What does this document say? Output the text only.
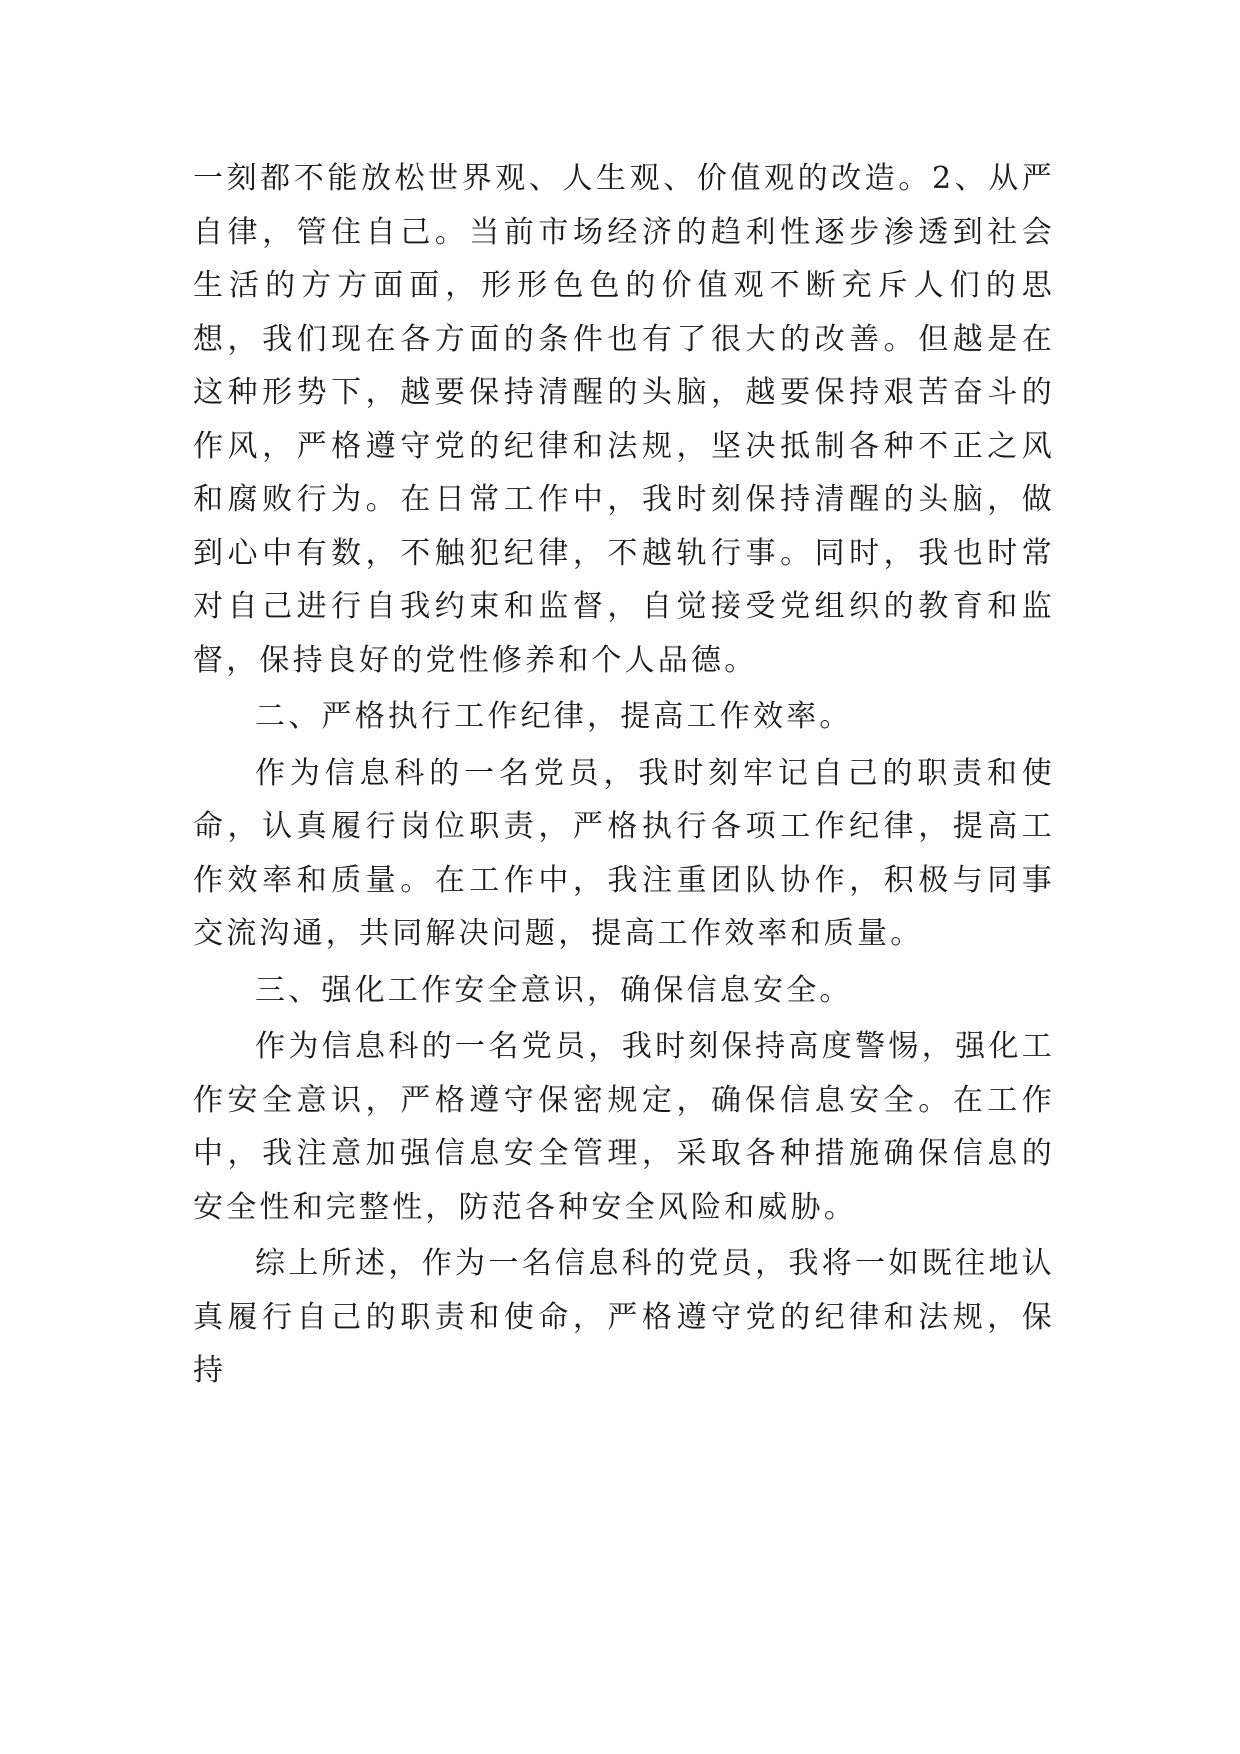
一刻都不能放松世界观、人生观、价值观的改造。2、从严自律，管住自己。当前市场经济的趋利性逐步渗透到社会生活的方方面面，形形色色的价值观不断充斥人们的思想，我们现在各方面的条件也有了很大的改善。但越是在这种形势下，越要保持清醒的头脑，越要保持艰苦奋斗的作风，严格遵守党的纪律和法规，坚决抵制各种不正之风和腐败行为。在日常工作中，我时刻保持清醒的头脑，做到心中有数，不触犯纪律，不越轨行事。同时，我也时常对自己进行自我约束和监督，自觉接受党组织的教育和监督，保持良好的党性修养和个人品德。

二、严格执行工作纪律，提高工作效率。

作为信息科的一名党员，我时刻牢记自己的职责和使命，认真履行岗位职责，严格执行各项工作纪律，提高工作效率和质量。在工作中，我注重团队协作，积极与同事交流沟通，共同解决问题，提高工作效率和质量。

三、强化工作安全意识，确保信息安全。

作为信息科的一名党员，我时刻保持高度警惕，强化工作安全意识，严格遵守保密规定，确保信息安全。在工作中，我注意加强信息安全管理，采取各种措施确保信息的安全性和完整性，防范各种安全风险和威胁。

综上所述，作为一名信息科的党员，我将一如既往地认真履行自己的职责和使命，严格遵守党的纪律和法规，保持
